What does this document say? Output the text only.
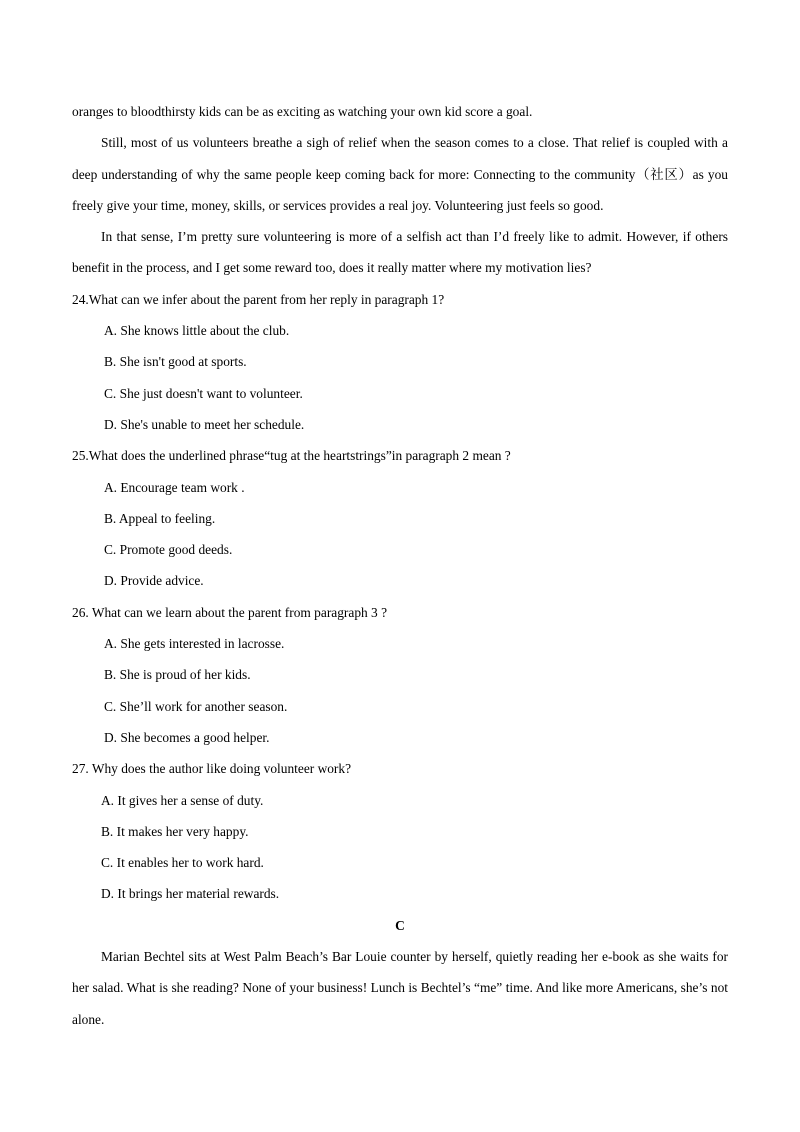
oranges to bloodthirsty kids can be as exciting as watching your own kid score a goal.

Still, most of us volunteers breathe a sigh of relief when the season comes to a close. That relief is coupled with a deep understanding of why the same people keep coming back for more: Connecting to the community（社区）as you freely give your time, money, skills, or services provides a real joy. Volunteering just feels so good.

In that sense, I’m pretty sure volunteering is more of a selfish act than I’d freely like to admit. However, if others benefit in the process, and I get some reward too, does it really matter where my motivation lies?

24.What can we infer about the parent from her reply in paragraph 1?

A. She knows little about the club.

B. She isn't good at sports.

C. She just doesn't want to volunteer.

D. She's unable to meet her schedule.

25.What does the underlined phrase“tug at the heartstrings”in paragraph 2 mean ?

A. Encourage team work .

B. Appeal to feeling.

C. Promote good deeds.

D. Provide advice.

26. What can we learn about the parent from paragraph 3 ?

A. She gets interested in lacrosse.

B. She is proud of her kids.

C. She’ll work for another season.

D. She becomes a good helper.

27. Why does the author like doing volunteer work?

A. It gives her a sense of duty.

B. It makes her very happy.

C. It enables her to work hard.

D. It brings her material rewards.

C

Marian Bechtel sits at West Palm Beach’s Bar Louie counter by herself, quietly reading her e-book as she waits for her salad. What is she reading? None of your business! Lunch is Bechtel’s “me” time. And like more Americans, she’s not alone.
